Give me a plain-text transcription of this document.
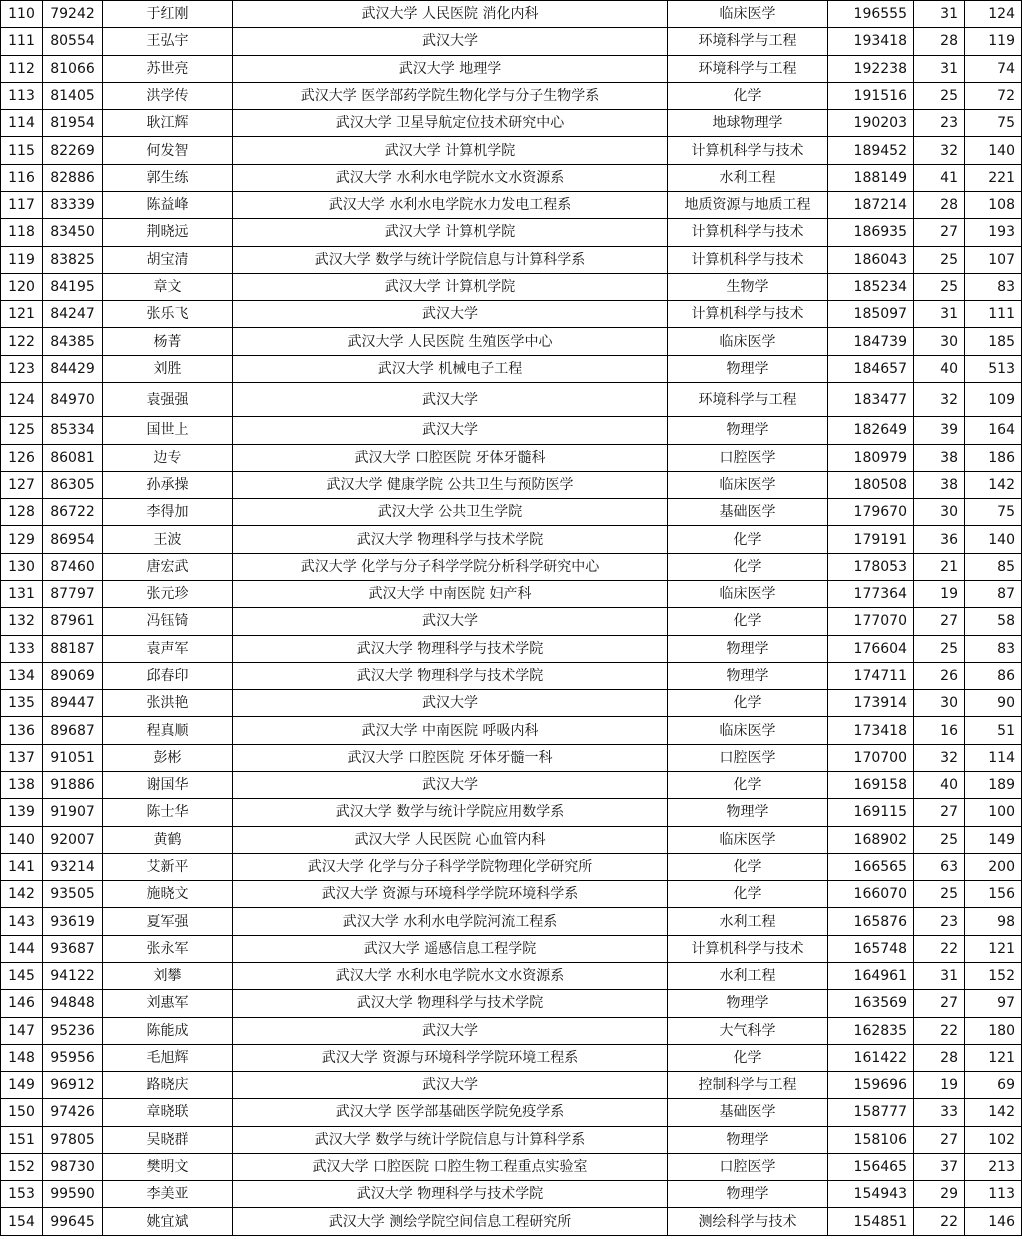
110	79242	于红刚	武汉大学 人民医院 消化内科	临床医学	196555	31	124
111	80554	王弘宇	武汉大学	环境科学与工程	193418	28	119
112	81066	苏世亮	武汉大学 地理学	环境科学与工程	192238	31	74
113	81405	洪学传	武汉大学 医学部药学院生物化学与分子生物学系	化学	191516	25	72
114	81954	耿江辉	武汉大学 卫星导航定位技术研究中心	地球物理学	190203	23	75
115	82269	何发智	武汉大学 计算机学院	计算机科学与技术	189452	32	140
116	82886	郭生练	武汉大学 水利水电学院水文水资源系	水利工程	188149	41	221
117	83339	陈益峰	武汉大学 水利水电学院水力发电工程系	地质资源与地质工程	187214	28	108
118	83450	荆晓远	武汉大学 计算机学院	计算机科学与技术	186935	27	193
119	83825	胡宝清	武汉大学 数学与统计学院信息与计算科学系	计算机科学与技术	186043	25	107
120	84195	章文	武汉大学 计算机学院	生物学	185234	25	83
121	84247	张乐飞	武汉大学	计算机科学与技术	185097	31	111
122	84385	杨菁	武汉大学 人民医院 生殖医学中心	临床医学	184739	30	185
123	84429	刘胜	武汉大学 机械电子工程	物理学	184657	40	513
124	84970	袁强强	武汉大学	环境科学与工程	183477	32	109
125	85334	国世上	武汉大学	物理学	182649	39	164
126	86081	边专	武汉大学 口腔医院 牙体牙髓科	口腔医学	180979	38	186
127	86305	孙承操	武汉大学 健康学院 公共卫生与预防医学	临床医学	180508	38	142
128	86722	李得加	武汉大学 公共卫生学院	基础医学	179670	30	75
129	86954	王波	武汉大学 物理科学与技术学院	化学	179191	36	140
130	87460	唐宏武	武汉大学 化学与分子科学学院分析科学研究中心	化学	178053	21	85
131	87797	张元珍	武汉大学 中南医院 妇产科	临床医学	177364	19	87
132	87961	冯钰锜	武汉大学	化学	177070	27	58
133	88187	袁声军	武汉大学 物理科学与技术学院	物理学	176604	25	83
134	89069	邱春印	武汉大学 物理科学与技术学院	物理学	174711	26	86
135	89447	张洪艳	武汉大学	化学	173914	30	90
136	89687	程真顺	武汉大学 中南医院 呼吸内科	临床医学	173418	16	51
137	91051	彭彬	武汉大学 口腔医院 牙体牙髓一科	口腔医学	170700	32	114
138	91886	谢国华	武汉大学	化学	169158	40	189
139	91907	陈士华	武汉大学 数学与统计学院应用数学系	物理学	169115	27	100
140	92007	黄鹤	武汉大学 人民医院 心血管内科	临床医学	168902	25	149
141	93214	艾新平	武汉大学 化学与分子科学学院物理化学研究所	化学	166565	63	200
142	93505	施晓文	武汉大学 资源与环境科学学院环境科学系	化学	166070	25	156
143	93619	夏军强	武汉大学 水利水电学院河流工程系	水利工程	165876	23	98
144	93687	张永军	武汉大学 遥感信息工程学院	计算机科学与技术	165748	22	121
145	94122	刘攀	武汉大学 水利水电学院水文水资源系	水利工程	164961	31	152
146	94848	刘惠军	武汉大学 物理科学与技术学院	物理学	163569	27	97
147	95236	陈能成	武汉大学	大气科学	162835	22	180
148	95956	毛旭辉	武汉大学 资源与环境科学学院环境工程系	化学	161422	28	121
149	96912	路晓庆	武汉大学	控制科学与工程	159696	19	69
150	97426	章晓联	武汉大学 医学部基础医学院免疫学系	基础医学	158777	33	142
151	97805	吴晓群	武汉大学 数学与统计学院信息与计算科学系	物理学	158106	27	102
152	98730	樊明文	武汉大学 口腔医院 口腔生物工程重点实验室	口腔医学	156465	37	213
153	99590	李美亚	武汉大学 物理科学与技术学院	物理学	154943	29	113
154	99645	姚宜斌	武汉大学 测绘学院空间信息工程研究所	测绘科学与技术	154851	22	146
